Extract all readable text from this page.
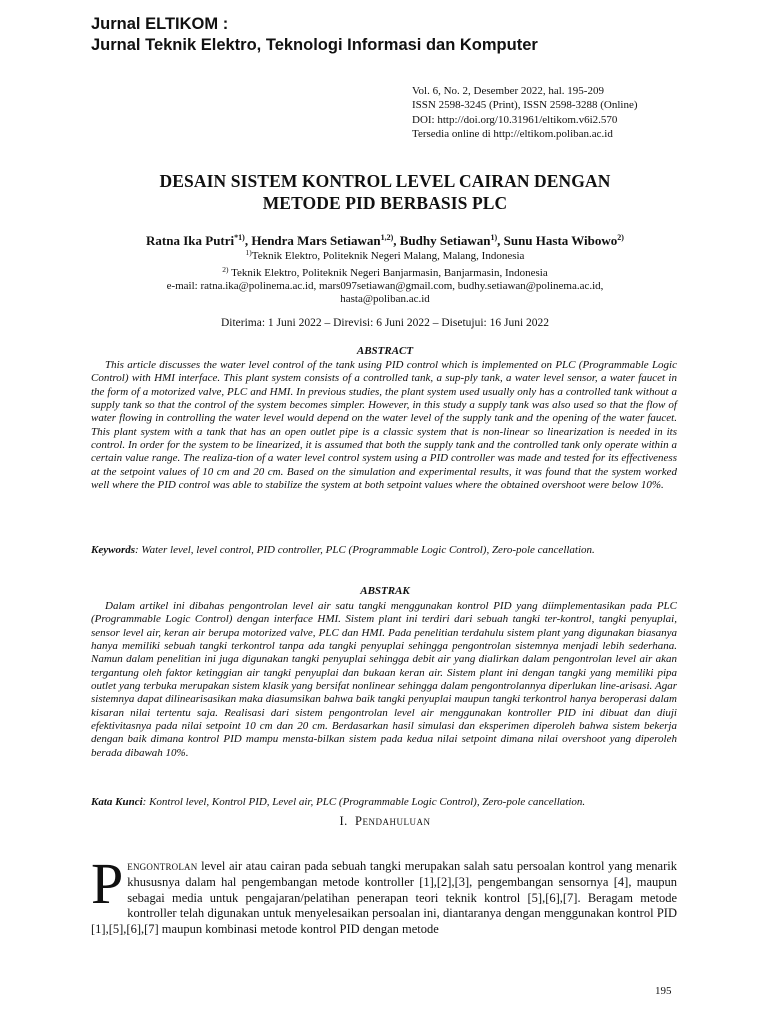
Jurnal ELTIKOM :
Jurnal Teknik Elektro, Teknologi Informasi dan Komputer
Vol. 6, No. 2, Desember 2022, hal. 195-209
ISSN 2598-3245 (Print), ISSN 2598-3288 (Online)
DOI: http://doi.org/10.31961/eltikom.v6i2.570
Tersedia online di http://eltikom.poliban.ac.id
DESAIN SISTEM KONTROL LEVEL CAIRAN DENGAN
METODE PID BERBASIS PLC
Ratna Ika Putri$^{*1)}$, Hendra Mars Setiawan$^{1,2)}$, Budhy Setiawan$^{1)}$, Sunu Hasta Wibowo$^{2)}$
$^{1)}$Teknik Elektro, Politeknik Negeri Malang, Malang, Indonesia
$^{2)}$ Teknik Elektro, Politeknik Negeri Banjarmasin, Banjarmasin, Indonesia
e-mail: ratna.ika@polinema.ac.id, mars097setiawan@gmail.com, budhy.setiawan@polinema.ac.id,
hasta@poliban.ac.id
Diterima: 1 Juni 2022 – Direvisi: 6 Juni 2022 – Disetujui: 16 Juni 2022
ABSTRACT
This article discusses the water level control of the tank using PID control which is implemented on PLC (Programmable Logic Control) with HMI interface. This plant system consists of a controlled tank, a sup-ply tank, a water level sensor, a water faucet in the form of a motorized valve, PLC and HMI. In previous studies, the plant system used usually only has a controlled tank without a supply tank so that the control of the system becomes simpler. However, in this study a supply tank was also used so that the flow of water flowing in controlling the water level would depend on the water level of the supply tank and the opening of the water faucet. This plant system with a tank that has an open outlet pipe is a classic system that is non-linear so linearization is needed in its control. In order for the system to be linearized, it is assumed that both the supply tank and the controlled tank only operate within a certain value range. The realiza-tion of a water level control system using a PID controller was made and tested for its effectiveness at the setpoint values of 10 cm and 20 cm. Based on the simulation and experimental results, it was found that the system worked well where the PID control was able to stabilize the system at both setpoint values where the obtained overshoot were below 10%.
Keywords: Water level, level control, PID controller, PLC (Programmable Logic Control), Zero-pole cancellation.
ABSTRAK
Dalam artikel ini dibahas pengontrolan level air satu tangki menggunakan kontrol PID yang diimplementasikan pada PLC (Programmable Logic Control) dengan interface HMI. Sistem plant ini terdiri dari sebuah tangki ter-kontrol, tangki penyuplai, sensor level air, keran air berupa motorized valve, PLC dan HMI. Pada penelitian terdahulu sistem plant yang digunakan biasanya hanya memiliki sebuah tangki terkontrol tanpa ada tangki penyuplai sehingga pengontrolan sistemnya menjadi lebih sederhana. Namun dalam penelitian ini juga digunakan tangki penyuplai sehingga debit air yang dialirkan dalam pengontrolan level air akan tergantung oleh faktor ketinggian air tangki penyuplai dan bukaan keran air. Sistem plant ini dengan tangki yang memiliki pipa outlet yang terbuka merupakan sistem klasik yang bersifat nonlinear sehingga dalam pengontrolannya diperlukan line-arisasi. Agar sistemnya dapat dilinearisasikan maka diasumsikan bahwa baik tangki penyuplai maupun tangki terkontrol hanya beroperasi dalam kisaran nilai tertentu saja. Realisasi dari sistem pengontrolan level air menggunakan kontroller PID ini dibuat dan diuji efektivitasnya pada nilai setpoint 10 cm dan 20 cm. Berdasarkan hasil simulasi dan eksperimen diperoleh bahwa sistem bekerja dengan baik dimana kontrol PID mampu mensta-bilkan sistem pada kedua nilai setpoint dimana nilai overshoot yang diperoleh berada dibawah 10%.
Kata Kunci: Kontrol level, Kontrol PID, Level air, PLC (Programmable Logic Control), Zero-pole cancellation.
I. Pendahuluan
Pengontrolan level air atau cairan pada sebuah tangki merupakan salah satu persoalan kontrol yang menarik khususnya dalam hal pengembangan metode kontroller [1],[2],[3], pengembangan sensornya [4], maupun sebagai media untuk pengajaran/pelatihan penerapan teori teknik kontrol [5],[6],[7]. Beragam metode kontroller telah digunakan untuk menyelesaikan persoalan ini, diantaranya dengan menggunakan kontrol PID [1],[5],[6],[7] maupun kombinasi metode kontrol PID dengan metode
195
